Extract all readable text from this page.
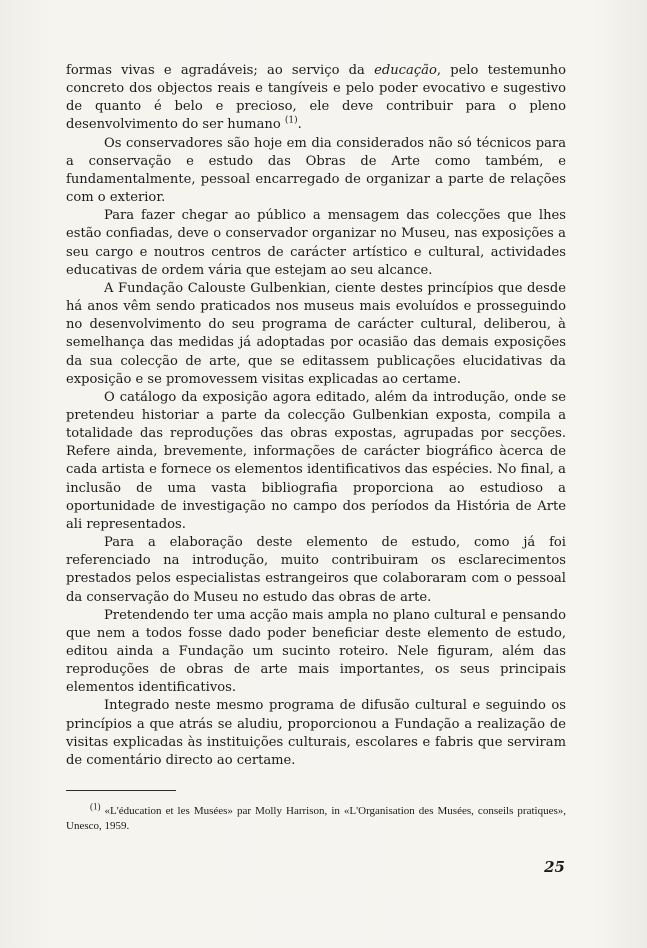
formas vivas e agradáveis; ao serviço da educação, pelo testemunho concreto dos objectos reais e tangíveis e pelo poder evocativo e sugestivo de quanto é belo e precioso, ele deve contribuir para o pleno desenvolvimento do ser humano $^{(1)}$.

Os conservadores são hoje em dia considerados não só técnicos para a conservação e estudo das Obras de Arte como também, e fundamentalmente, pessoal encarregado de organizar a parte de relações com o exterior.

Para fazer chegar ao público a mensagem das colecções que lhes estão confiadas, deve o conservador organizar no Museu, nas exposições a seu cargo e noutros centros de carácter artístico e cultural, actividades educativas de ordem vária que estejam ao seu alcance.

A Fundação Calouste Gulbenkian, ciente destes princípios que desde há anos vêm sendo praticados nos museus mais evoluídos e prosseguindo no desenvolvimento do seu programa de carácter cultural, deliberou, à semelhança das medidas já adoptadas por ocasião das demais exposições da sua colecção de arte, que se editassem publicações elucidativas da exposição e se promovessem visitas explicadas ao certame.

O catálogo da exposição agora editado, além da introdução, onde se pretendeu historiar a parte da colecção Gulbenkian exposta, compila a totalidade das reproduções das obras expostas, agrupadas por secções. Refere ainda, brevemente, informações de carácter biográfico àcerca de cada artista e fornece os elementos identificativos das espécies. No final, a inclusão de uma vasta bibliografia proporciona ao estudioso a oportunidade de investigação no campo dos períodos da História de Arte ali representados.

Para a elaboração deste elemento de estudo, como já foi referenciado na introdução, muito contribuiram os esclarecimentos prestados pelos especialistas estrangeiros que colaboraram com o pessoal da conservação do Museu no estudo das obras de arte.

Pretendendo ter uma acção mais ampla no plano cultural e pensando que nem a todos fosse dado poder beneficiar deste elemento de estudo, editou ainda a Fundação um sucinto roteiro. Nele figuram, além das reproduções de obras de arte mais importantes, os seus principais elementos identificativos.

Integrado neste mesmo programa de difusão cultural e seguindo os princípios a que atrás se aludiu, proporcionou a Fundação a realização de visitas explicadas às instituições culturais, escolares e fabris que serviram de comentário directo ao certame.

$^{(1)}$ «L'éducation et les Musées» par Molly Harrison, in «L'Organisation des Musées, conseils pratiques», Unesco, 1959.
25
